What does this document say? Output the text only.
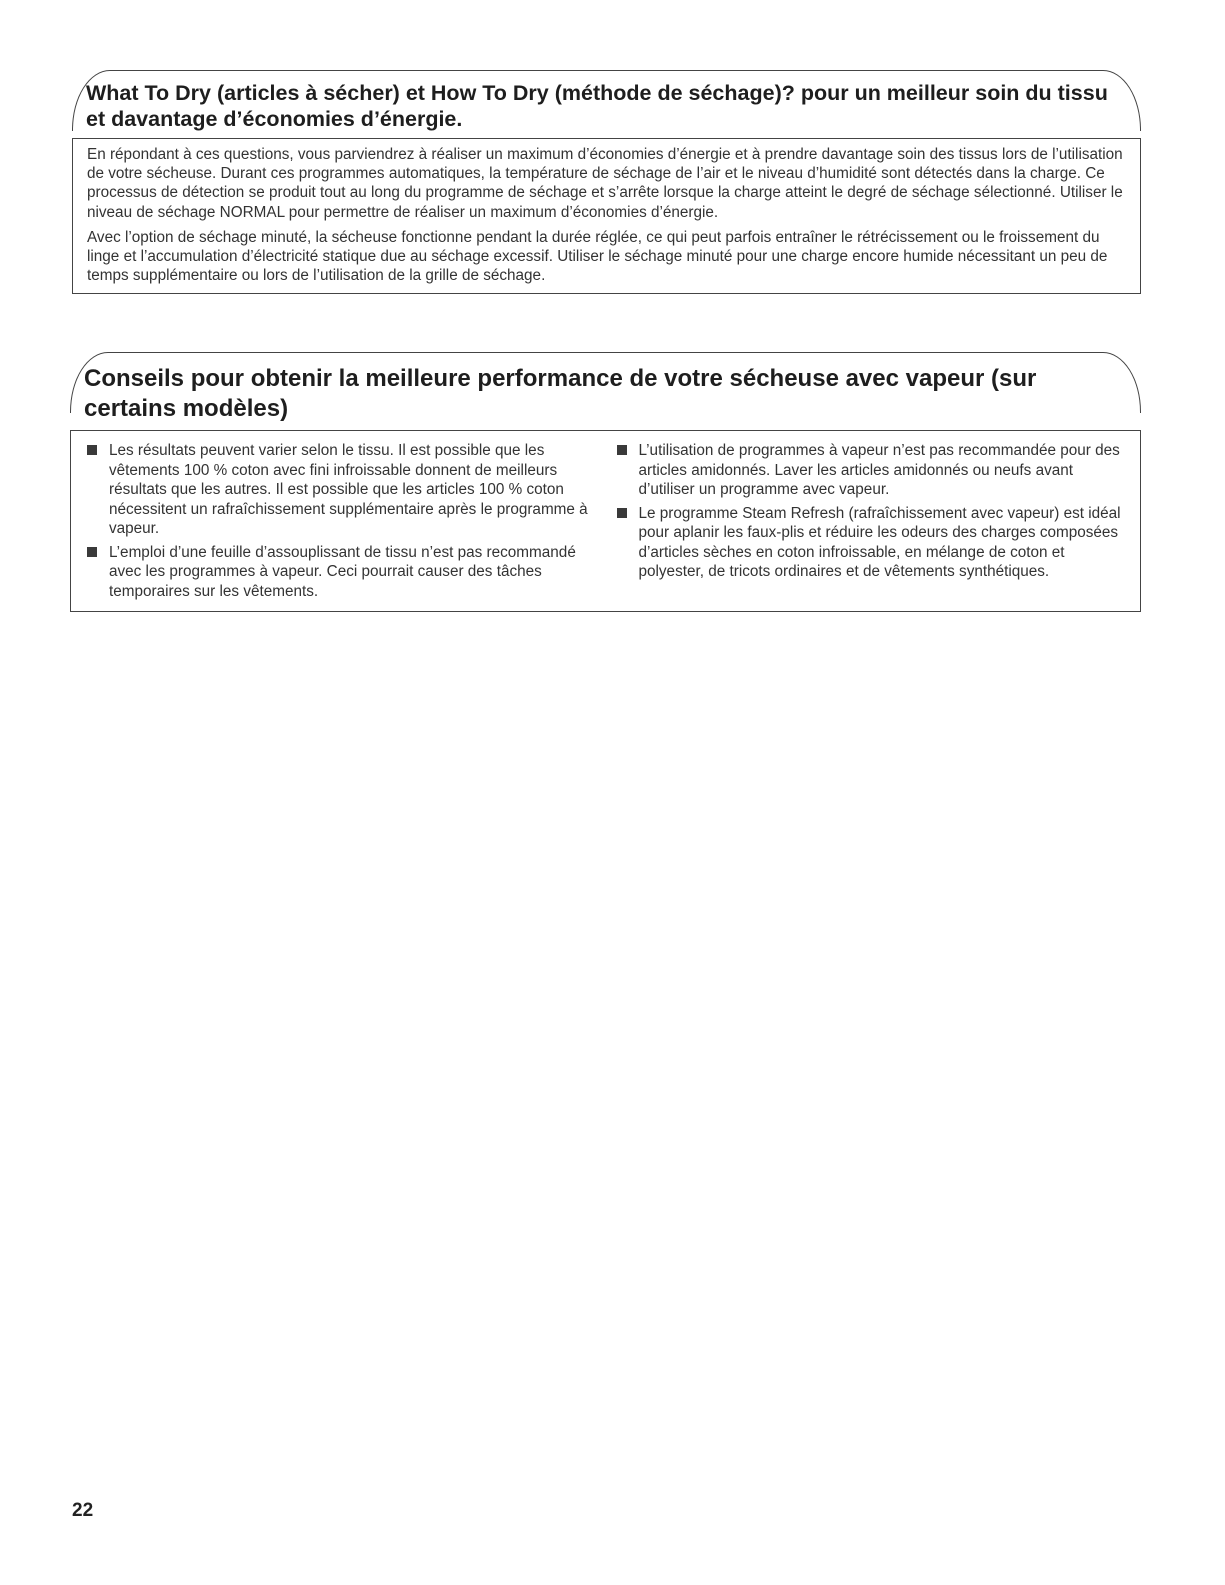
What To Dry (articles à sécher) et How To Dry (méthode de séchage)? pour un meilleur soin du tissu et davantage d’économies d’énergie.

En répondant à ces questions, vous parviendrez à réaliser un maximum d’économies d’énergie et à prendre davantage soin des tissus lors de l’utilisation de votre sécheuse. Durant ces programmes automatiques, la température de séchage de l’air et le niveau d’humidité sont détectés dans la charge. Ce processus de détection se produit tout au long du programme de séchage et s’arrête lorsque la charge atteint le degré de séchage sélectionné. Utiliser le niveau de séchage NORMAL pour permettre de réaliser un maximum d’économies d’énergie.

Avec l’option de séchage minuté, la sécheuse fonctionne pendant la durée réglée, ce qui peut parfois entraîner le rétrécissement ou le froissement du linge et l’accumulation d’électricité statique due au séchage excessif. Utiliser le séchage minuté pour une charge encore humide nécessitant un peu de temps supplémentaire ou lors de l’utilisation de la grille de séchage.

Conseils pour obtenir la meilleure performance de votre sécheuse avec vapeur (sur certains modèles)
Les résultats peuvent varier selon le tissu. Il est possible que les vêtements 100 % coton avec fini infroissable donnent de meilleurs résultats que les autres. Il est possible que les articles 100 % coton nécessitent un rafraîchissement supplémentaire après le programme à vapeur.
L’emploi d’une feuille d’assouplissant de tissu n’est pas recommandé avec les programmes à vapeur. Ceci pourrait causer des tâches temporaires sur les vêtements.
L’utilisation de programmes à vapeur n’est pas recommandée pour des articles amidonnés. Laver les articles amidonnés ou neufs avant d’utiliser un programme avec vapeur.
Le programme Steam Refresh (rafraîchissement avec vapeur) est idéal pour aplanir les faux-plis et réduire les odeurs des charges composées d’articles sèches en coton infroissable, en mélange de coton et polyester, de tricots ordinaires et de vêtements synthétiques.
22
